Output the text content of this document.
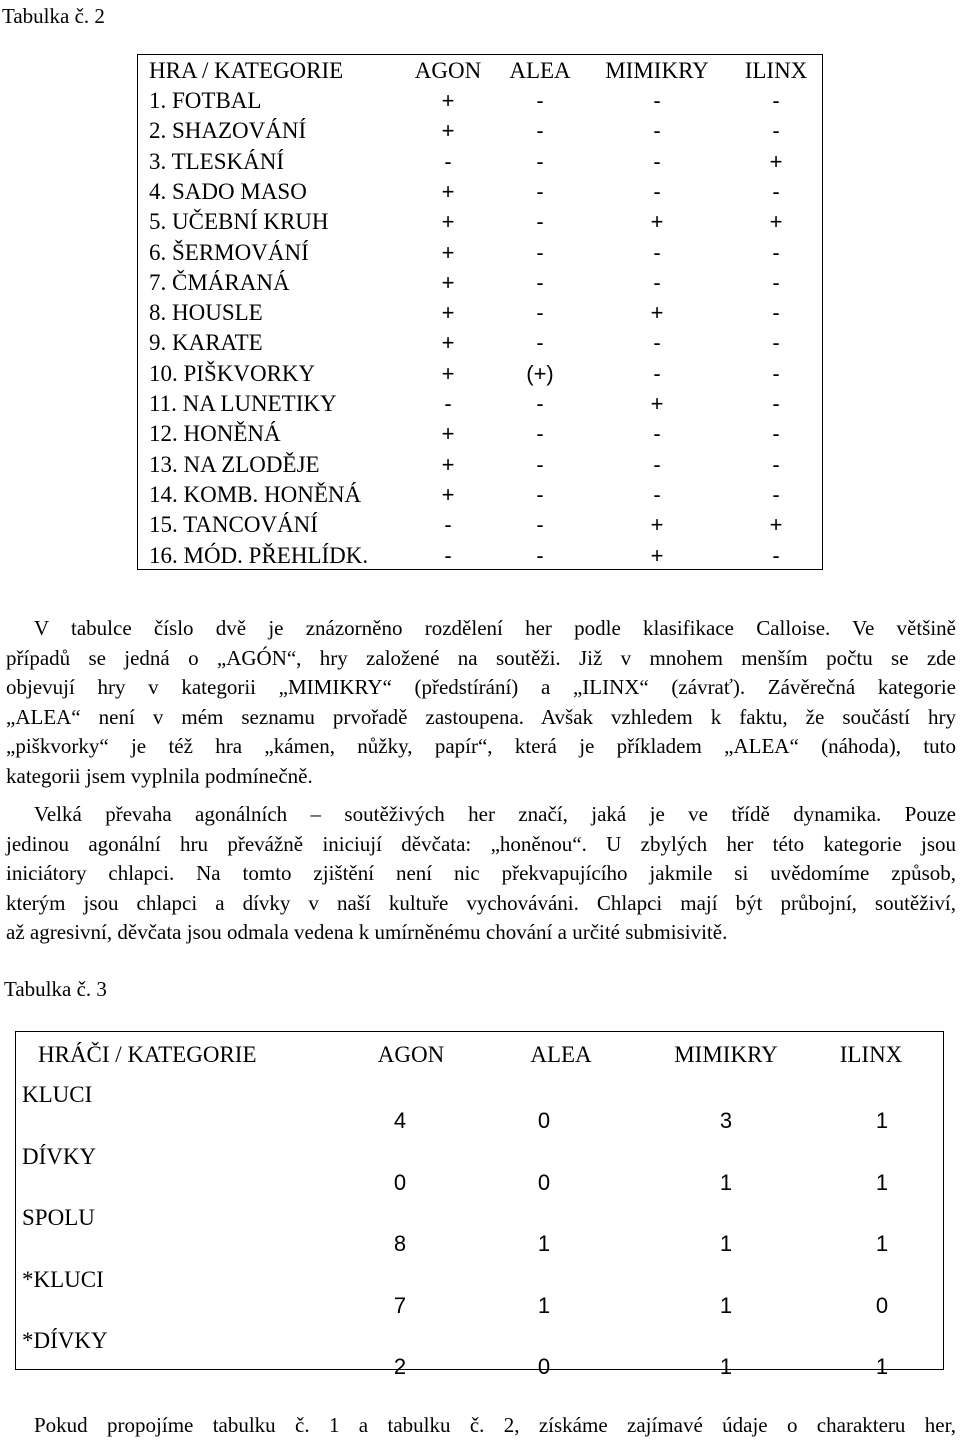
Tabulka č. 2
HRA / KATEGORIE	AGON	ALEA	MIMIKRY	ILINX
1. FOTBAL	+	-	-	-
2. SHAZOVÁNÍ	+	-	-	-
3. TLESKÁNÍ	-	-	-	+
4. SADO MASO	+	-	-	-
5. UČEBNÍ KRUH	+	-	+	+
6. ŠERMOVÁNÍ	+	-	-	-
7. ČMÁRANÁ	+	-	-	-
8. HOUSLE	+	-	+	-
9. KARATE	+	-	-	-
10. PIŠKVORKY	+	(+)	-	-
11. NA LUNETIKY	-	-	+	-
12. HONĚNÁ	+	-	-	-
13. NA ZLODĚJE	+	-	-	-
14. KOMB. HONĚNÁ	+	-	-	-
15. TANCOVÁNÍ	-	-	+	+
16. MÓD. PŘEHLÍDK.	-	-	+	-
V tabulce číslo dvě je znázorněno rozdělení her podle klasifikace Calloise. Ve většině
případů se jedná o „AGÓN“, hry založené na soutěži. Již v mnohem menším počtu se zde
objevují hry v kategorii „MIMIKRY“ (předstírání) a „ILINX“ (závrať). Závěrečná kategorie
„ALEA“ není v mém seznamu prvořadě zastoupena. Avšak vzhledem k faktu, že součástí hry
„piškvorky“ je též hra „kámen, nůžky, papír“, která je příkladem „ALEA“ (náhoda), tuto
kategorii jsem vyplnila podmínečně.
Velká převaha agonálních – soutěživých her značí, jaká je ve třídě dynamika. Pouze
jedinou agonální hru převážně iniciují děvčata: „honěnou“. U zbylých her této kategorie jsou
iniciátory chlapci. Na tomto zjištění není nic překvapujícího jakmile si uvědomíme způsob,
kterým jsou chlapci a dívky v naší kultuře vychováváni. Chlapci mají být průbojní, soutěživí,
až agresivní, děvčata jsou odmala vedena k umírněnému chování a určité submisivitě.
Tabulka č. 3
HRÁČI / KATEGORIE	AGON	ALEA	MIMIKRY	ILINX
KLUCI
4	0	3	1
DÍVKY
0	0	1	1
SPOLU
8	1	1	1
*KLUCI
7	1	1	0
*DÍVKY
2	0	1	1
Pokud propojíme tabulku č. 1 a tabulku č. 2, získáme zajímavé údaje o charakteru her,
